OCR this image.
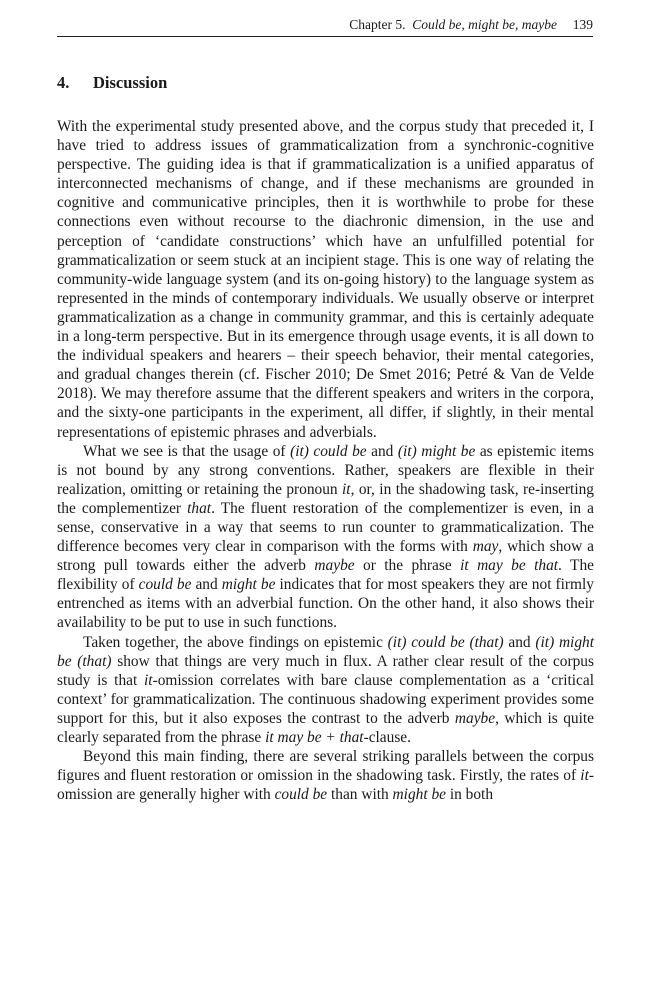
Chapter 5. Could be, might be, maybe 139
4. Discussion

With the experimental study presented above, and the corpus study that preceded it, I have tried to address issues of grammaticalization from a synchronic-cognitive perspective. The guiding idea is that if grammaticalization is a unified apparatus of interconnected mechanisms of change, and if these mechanisms are grounded in cognitive and communicative principles, then it is worthwhile to probe for these connections even without recourse to the diachronic dimension, in the use and perception of ‘candidate constructions’ which have an unfulfilled potential for grammaticalization or seem stuck at an incipient stage. This is one way of relating the community-wide language system (and its on-going history) to the language system as represented in the minds of contemporary individuals. We usually observe or interpret grammaticalization as a change in community grammar, and this is certainly adequate in a long-term perspective. But in its emergence through usage events, it is all down to the individual speakers and hearers – their speech behavior, their mental categories, and gradual changes therein (cf. Fischer 2010; De Smet 2016; Petré & Van de Velde 2018). We may therefore assume that the different speakers and writers in the corpora, and the sixty-one participants in the experiment, all differ, if slightly, in their mental representations of epistemic phrases and adverbials.

What we see is that the usage of (it) could be and (it) might be as epistemic items is not bound by any strong conventions. Rather, speakers are flexible in their realization, omitting or retaining the pronoun it, or, in the shadowing task, re-inserting the complementizer that. The fluent restoration of the complementizer is even, in a sense, conservative in a way that seems to run counter to grammaticalization. The difference becomes very clear in comparison with the forms with may, which show a strong pull towards either the adverb maybe or the phrase it may be that. The flexibility of could be and might be indicates that for most speakers they are not firmly entrenched as items with an adverbial function. On the other hand, it also shows their availability to be put to use in such functions.

Taken together, the above findings on epistemic (it) could be (that) and (it) might be (that) show that things are very much in flux. A rather clear result of the corpus study is that it-omission correlates with bare clause complementation as a ‘critical context’ for grammaticalization. The continuous shadowing experiment provides some support for this, but it also exposes the contrast to the adverb maybe, which is quite clearly separated from the phrase it may be + that-clause.

Beyond this main finding, there are several striking parallels between the corpus figures and fluent restoration or omission in the shadowing task. Firstly, the rates of it-omission are generally higher with could be than with might be in both
